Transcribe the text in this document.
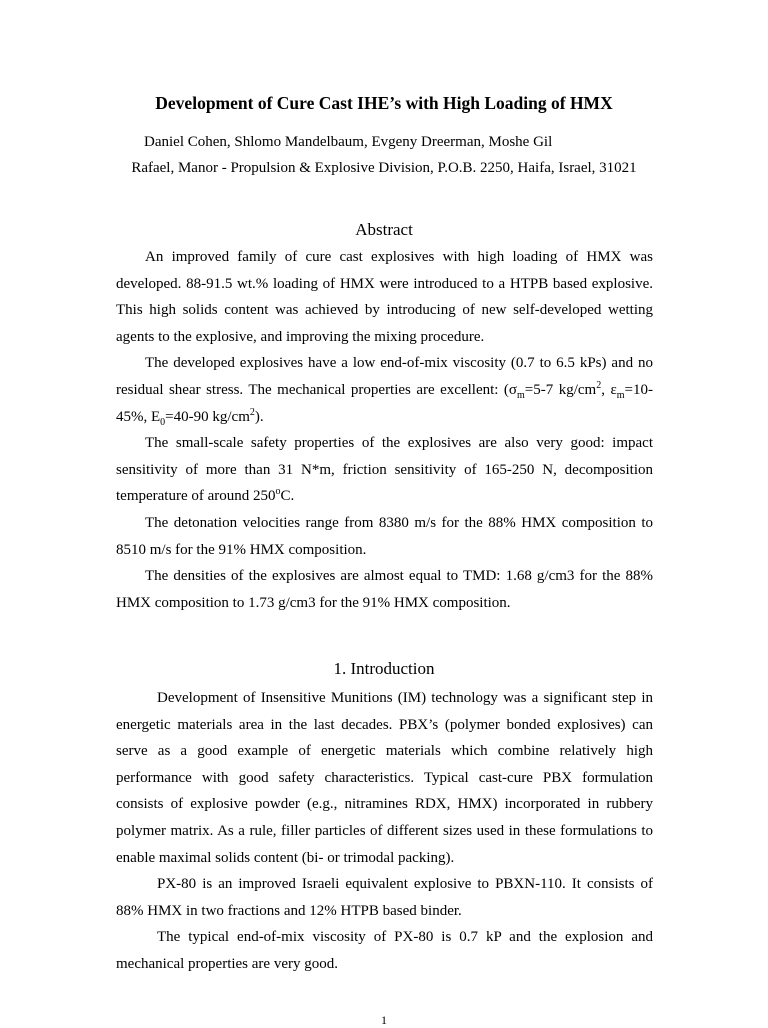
Development of Cure Cast IHE’s with High Loading of HMX
Daniel Cohen, Shlomo Mandelbaum, Evgeny Dreerman, Moshe Gil
Rafael, Manor - Propulsion & Explosive Division, P.O.B. 2250, Haifa, Israel, 31021
Abstract

An improved family of cure cast explosives with high loading of HMX was developed. 88-91.5 wt.% loading of HMX were introduced to a HTPB based explosive. This high solids content was achieved by introducing of new self-developed wetting agents to the explosive, and improving the mixing procedure.

The developed explosives have a low end-of-mix viscosity (0.7 to 6.5 kPs) and no residual shear stress. The mechanical properties are excellent: ($\sigma_m=5-7$ $kg/cm^2$, $\varepsilon_m=10-45\%$, $E_0=40-90$ $kg/cm^2$).

The small-scale safety properties of the explosives are also very good: impact sensitivity of more than 31 N*m, friction sensitivity of 165-250 N, decomposition temperature of around 250$^o$C.

The detonation velocities range from 8380 m/s for the 88% HMX composition to 8510 m/s for the 91% HMX composition.

The densities of the explosives are almost equal to TMD: 1.68 g/cm3 for the 88% HMX composition to 1.73 g/cm3 for the 91% HMX composition.

1. Introduction

Development of Insensitive Munitions (IM) technology was a significant step in energetic materials area in the last decades. PBX’s (polymer bonded explosives) can serve as a good example of energetic materials which combine relatively high performance with good safety characteristics. Typical cast-cure PBX formulation consists of explosive powder (e.g., nitramines RDX, HMX) incorporated in rubbery polymer matrix. As a rule, filler particles of different sizes used in these formulations to enable maximal solids content (bi- or trimodal packing).

PX-80 is an improved Israeli equivalent explosive to PBXN-110. It consists of 88% HMX in two fractions and 12% HTPB based binder.

The typical end-of-mix viscosity of PX-80 is 0.7 kP and the explosion and mechanical properties are very good.

1
